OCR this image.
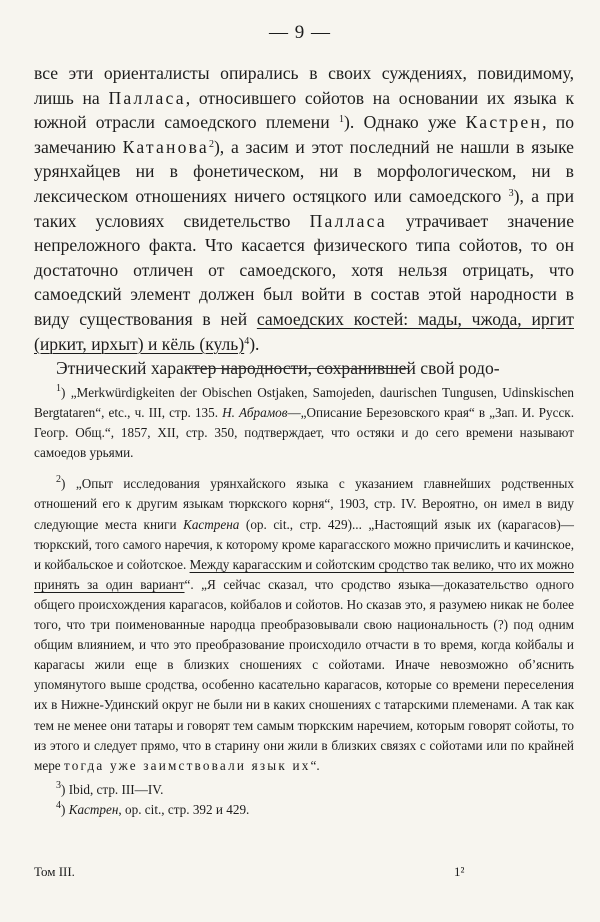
— 9 —

все эти ориенталисты опирались в своих суждениях, повидимому, лишь на Палласа, относившего сойотов на основании их языка к южной отрасли самоедского племени $^1$). Однако уже Кастрен, по замечанию Катанова$^2$), а засим и этот последний не нашли в языке урянхайцев ни в фонетическом, ни в морфологическом, ни в лексическом отношениях ничего остяцкого или самоедского $^3$), а при таких условиях свидетельство Палласа утрачивает значение непреложного факта. Что касается физического типа сойотов, то он достаточно отличен от самоедского, хотя нельзя отрицать, что самоедский элемент должен был войти в состав этой народности в виду существования в ней самоедских костей: мады, чжода, иргит (иркит, ирхыт) и кёль (куль)$^4$).

Этнический характер народности, сохранившей свой родо-

$^1$) „Merkwürdigkeiten der Obischen Ostjaken, Samojeden, daurischen Tungusen, Udinskischen Bergtataren“, etc., ч. III, стр. 135. Н. Абрамов—„Описание Березовского края“ в „Зап. И. Русск. Геогр. Общ.“, 1857, XII, стр. 350, подтверждает, что остяки и до сего времени называют самоедов урьями.

$^2$) „Опыт исследования урянхайского языка с указанием главнейших родственных отношений его к другим языкам тюркского корня“, 1903, стр. IV. Вероятно, он имел в виду следующие места книги Кастрена (op. cit., стр. 429)... „Настоящий язык их (карагасов)—тюркский, того самого наречия, к которому кроме карагасского можно причислить и качинское, и койбальское и сойотское. Между карагасским и сойотским сродство так велико, что их можно принять за один вариант“. „Я сейчас сказал, что сродство языка—доказательство одного общего происхождения карагасов, койбалов и сойотов. Но сказав это, я разумею никак не более того, что три поименованные народца преобразовывали свою национальность (?) под одним общим влиянием, и что это преобразование происходило отчасти в то время, когда койбалы и карагасы жили еще в близких сношениях с сойотами. Иначе невозможно об’яснить упомянутого выше сродства, особенно касательно карагасов, которые со времени переселения их в Нижне-Удинский округ не были ни в каких сношениях с татарскими племенами. А так как тем не менее они татары и говорят тем самым тюркским наречием, которым говорят сойоты, то из этого и следует прямо, что в старину они жили в близких связях с сойотами или по крайней мере тогда уже заимствовали язык их“.

$^3$) Ibid, стр. III—IV.

$^4$) Кастрен, op. cit., стр. 392 и 429.

Том III.	1²
